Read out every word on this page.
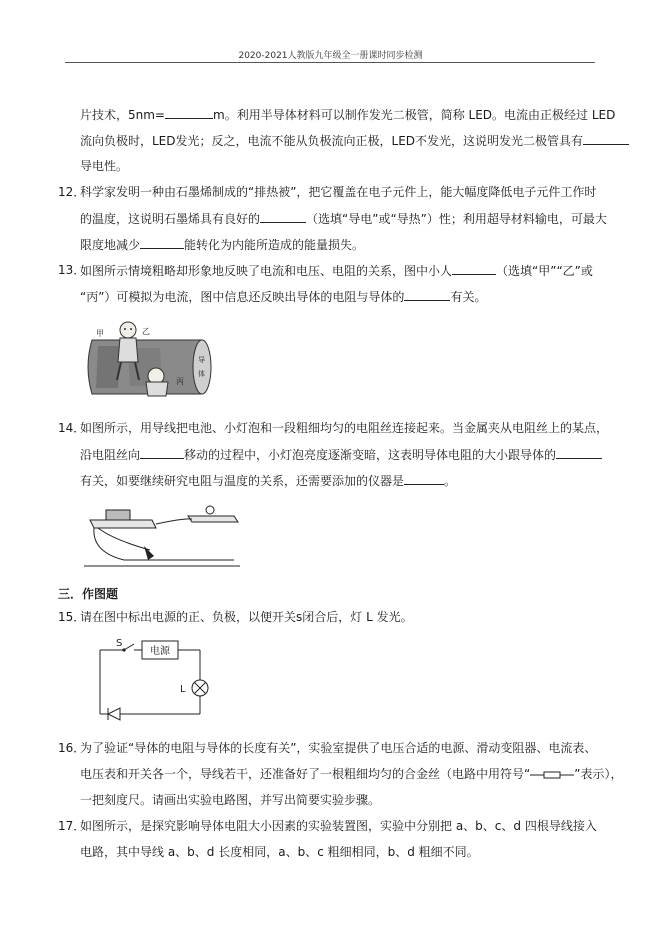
2020-2021人教版九年级全一册课时同步检测
片技术，5nm=	m。利用半导体材料可以制作发光二极管，简称 LED。电流由正极经过 LED
流向负极时，LED发光；反之，电流不能从负极流向正极，LED不发光，这说明发光二极管具有
导电性。
12．
科学家发明一种由石墨烯制成的“排热被”，把它覆盖在电子元件上，能大幅度降低电子元件工作时
的温度，这说明石墨烯具有良好的	（选填“导电”或“导热”）性；利用超导材料输电，可最大
限度地减少	能转化为内能所造成的能量损失。
13．
如图所示情境粗略却形象地反映了电流和电压、电阻的关系，图中小人	（选填“甲”“乙”或
“丙”）可模拟为电流，图中信息还反映出导体的电阻与导体的	有关。
甲	乙
丙
导
体
14．
如图所示，用导线把电池、小灯泡和一段粗细均匀的电阻丝连接起来。当金属夹从电阻丝上的某点，
沿电阻丝向	移动的过程中，小灯泡亮度逐渐变暗，这表明导体电阻的大小跟导体的
有关，如要继续研究电阻与温度的关系，还需要添加的仪器是	。
三．作图题
15．
请在图中标出电源的正、负极，以便开关s闭合后，灯 L 发光。
电源
S
L
16．
为了验证“导体的电阻与导体的长度有关”，实验室提供了电压合适的电源、滑动变阻器、电流表、
电压表和开关各一个，导线若干，还准备好了一根粗细均匀的合金丝（电路中用符号“	”表示），
一把刻度尺。请画出实验电路图，并写出简要实验步骤。
17．
如图所示，是探究影响导体电阻大小因素的实验装置图，实验中分别把 a、b、c、d 四根导线接入
电路，其中导线 a、b、d 长度相同，a、b、c 粗细相同，b、d 粗细不同。
